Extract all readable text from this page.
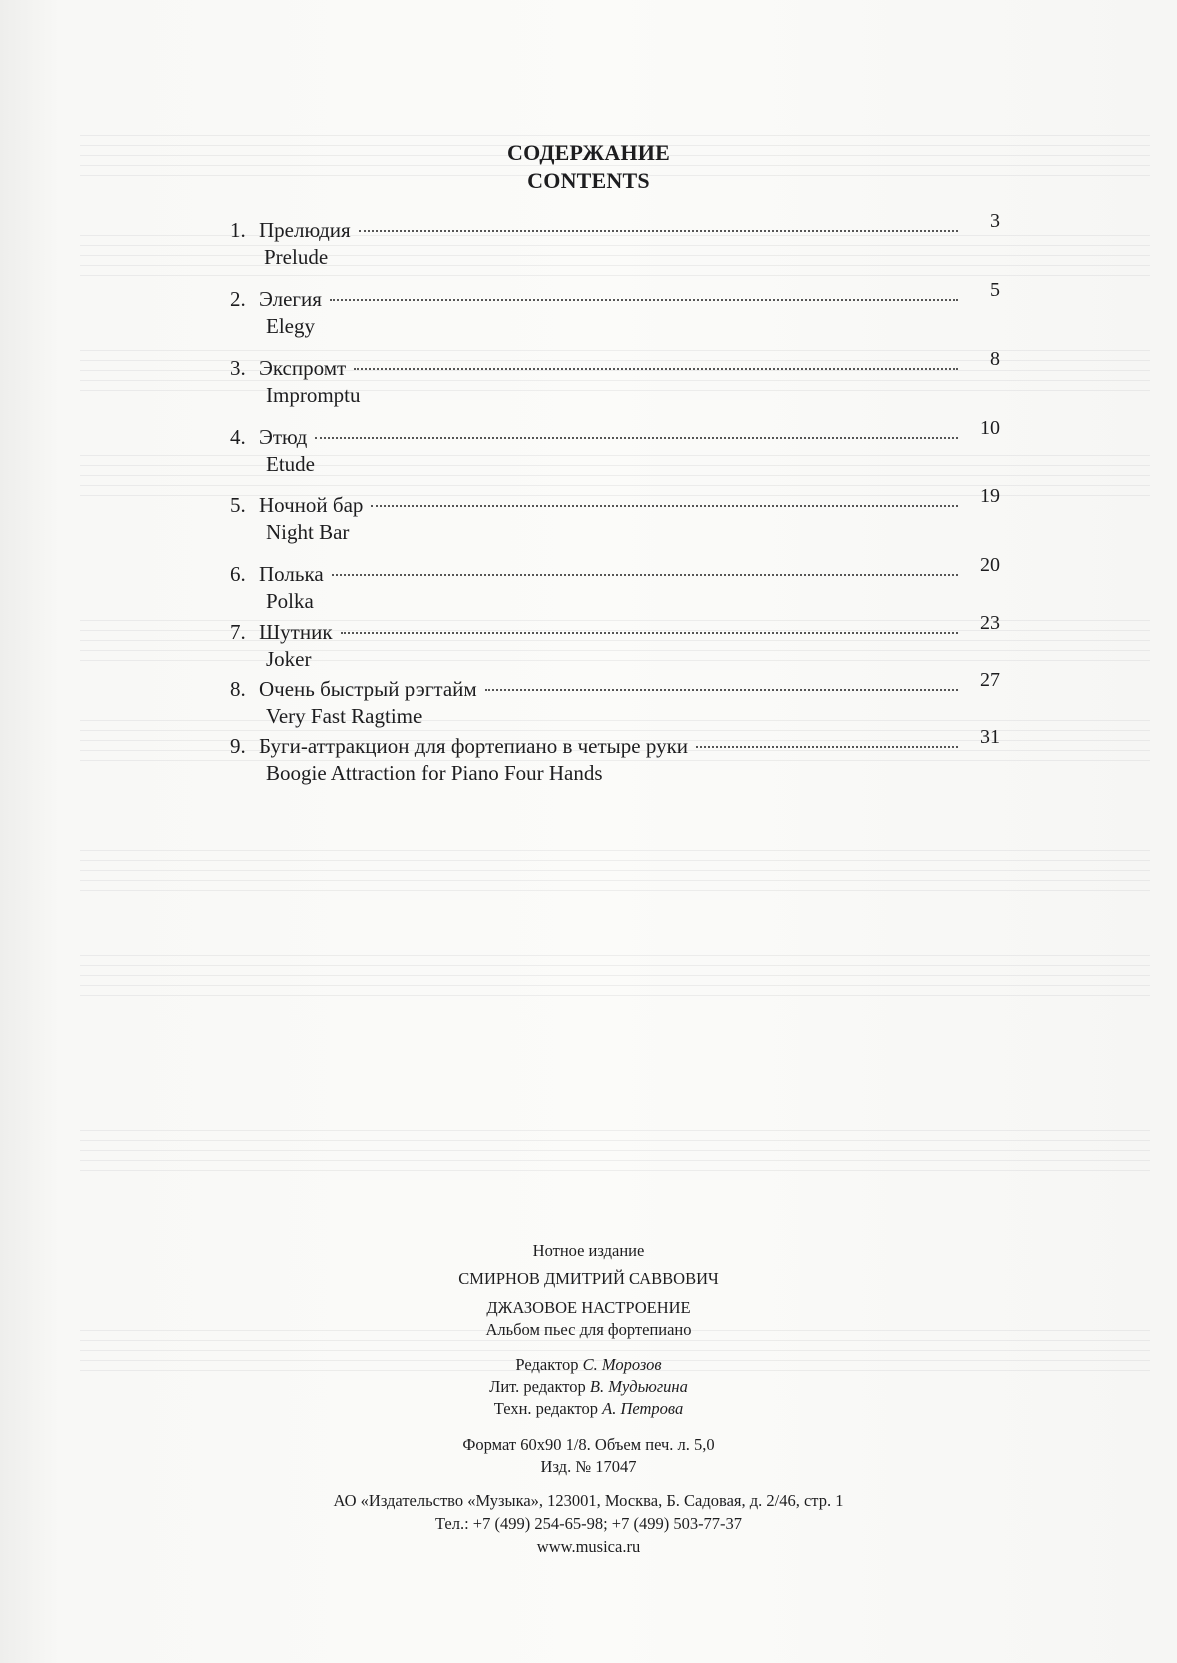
СОДЕРЖАНИЕ
CONTENTS
1. Прелюдия	3
Prelude
2. Элегия	5
Elegy
3. Экспромт	8
Impromptu
4. Этюд	10
Etude
5. Ночной бар	19
Night Bar
6. Полька	20
Polka
7. Шутник	23
Joker
8. Очень быстрый рэгтайм	27
Very Fast Ragtime
9. Буги-аттракцион для фортепиано в четыре руки	31
Boogie Attraction for Piano Four Hands
Нотное издание
СМИРНОВ ДМИТРИЙ САВВОВИЧ
ДЖАЗОВОЕ НАСТРОЕНИЕ
Альбом пьес для фортепиано
Редактор С. Морозов
Лит. редактор В. Мудьюгина
Техн. редактор А. Петрова
Формат 60х90 1/8. Объем печ. л. 5,0
Изд. № 17047
АО «Издательство «Музыка», 123001, Москва, Б. Садовая, д. 2/46, стр. 1
Тел.: +7 (499) 254-65-98; +7 (499) 503-77-37
www.musica.ru
